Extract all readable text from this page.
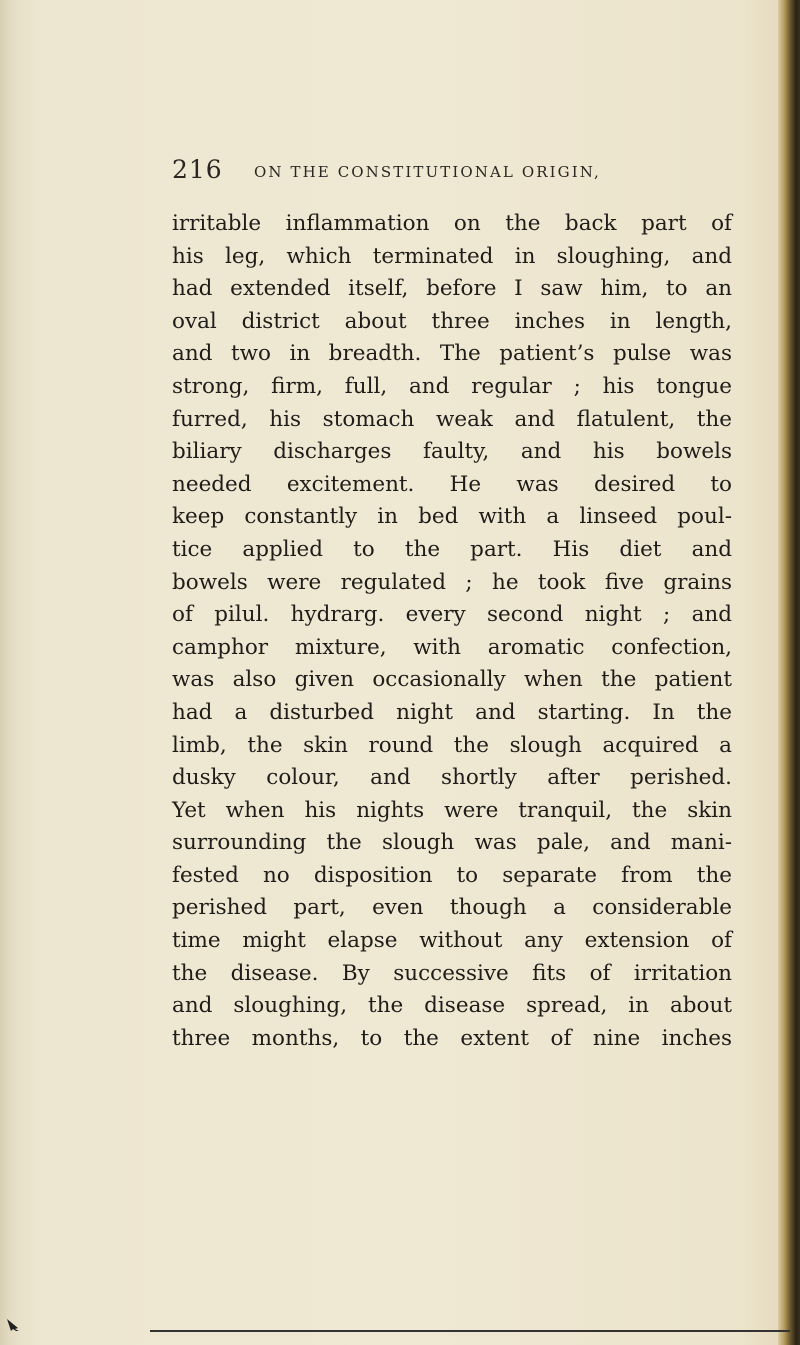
216 ON THE CONSTITUTIONAL ORIGIN,
irritable inflammation on the back part of
his leg, which terminated in sloughing, and
had extended itself, before I saw him, to an
oval district about three inches in length,
and two in breadth. The patient’s pulse was
strong, firm, full, and regular ; his tongue
furred, his stomach weak and flatulent, the
biliary discharges faulty, and his bowels
needed excitement. He was desired to
keep constantly in bed with a linseed poul-
tice applied to the part. His diet and
bowels were regulated ; he took five grains
of pilul. hydrarg. every second night ; and
camphor mixture, with aromatic confection,
was also given occasionally when the patient
had a disturbed night and starting. In the
limb, the skin round the slough acquired a
dusky colour, and shortly after perished.
Yet when his nights were tranquil, the skin
surrounding the slough was pale, and mani-
fested no disposition to separate from the
perished part, even though a considerable
time might elapse without any extension of
the disease. By successive fits of irritation
and sloughing, the disease spread, in about
three months, to the extent of nine inches
